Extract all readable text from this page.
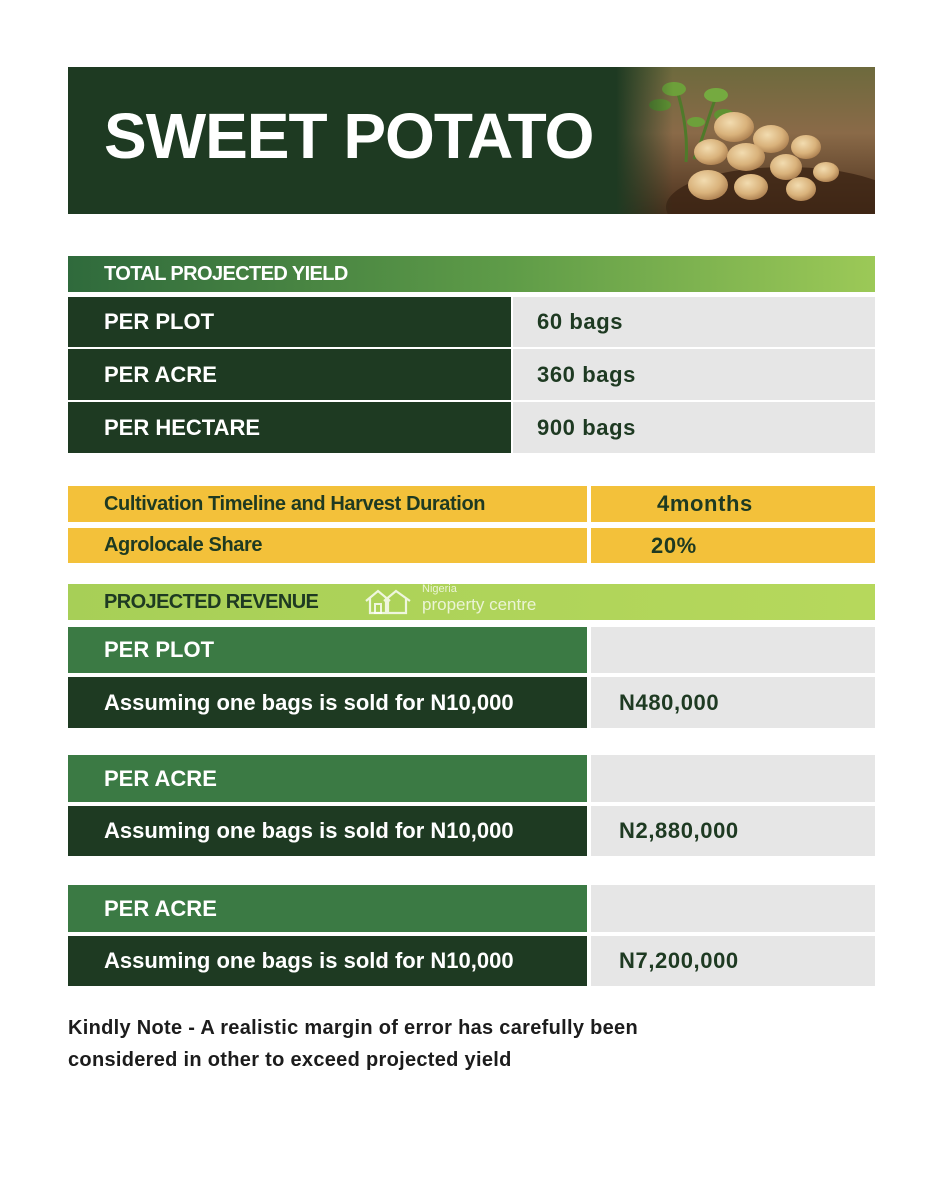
SWEET POTATO
TOTAL PROJECTED YIELD
PER PLOT	60 bags
PER ACRE	360 bags
PER HECTARE	900 bags
Cultivation Timeline and Harvest Duration	4months
Agrolocale Share	20%
PROJECTED REVENUE
Nigeria
property centre
PER PLOT
Assuming one bags is sold for N10,000	N480,000
PER ACRE
Assuming one bags is sold for N10,000	N2,880,000
PER ACRE
Assuming one bags is sold for N10,000	N7,200,000
Kindly Note - A realistic margin of error has carefully been
considered in other to exceed projected yield
